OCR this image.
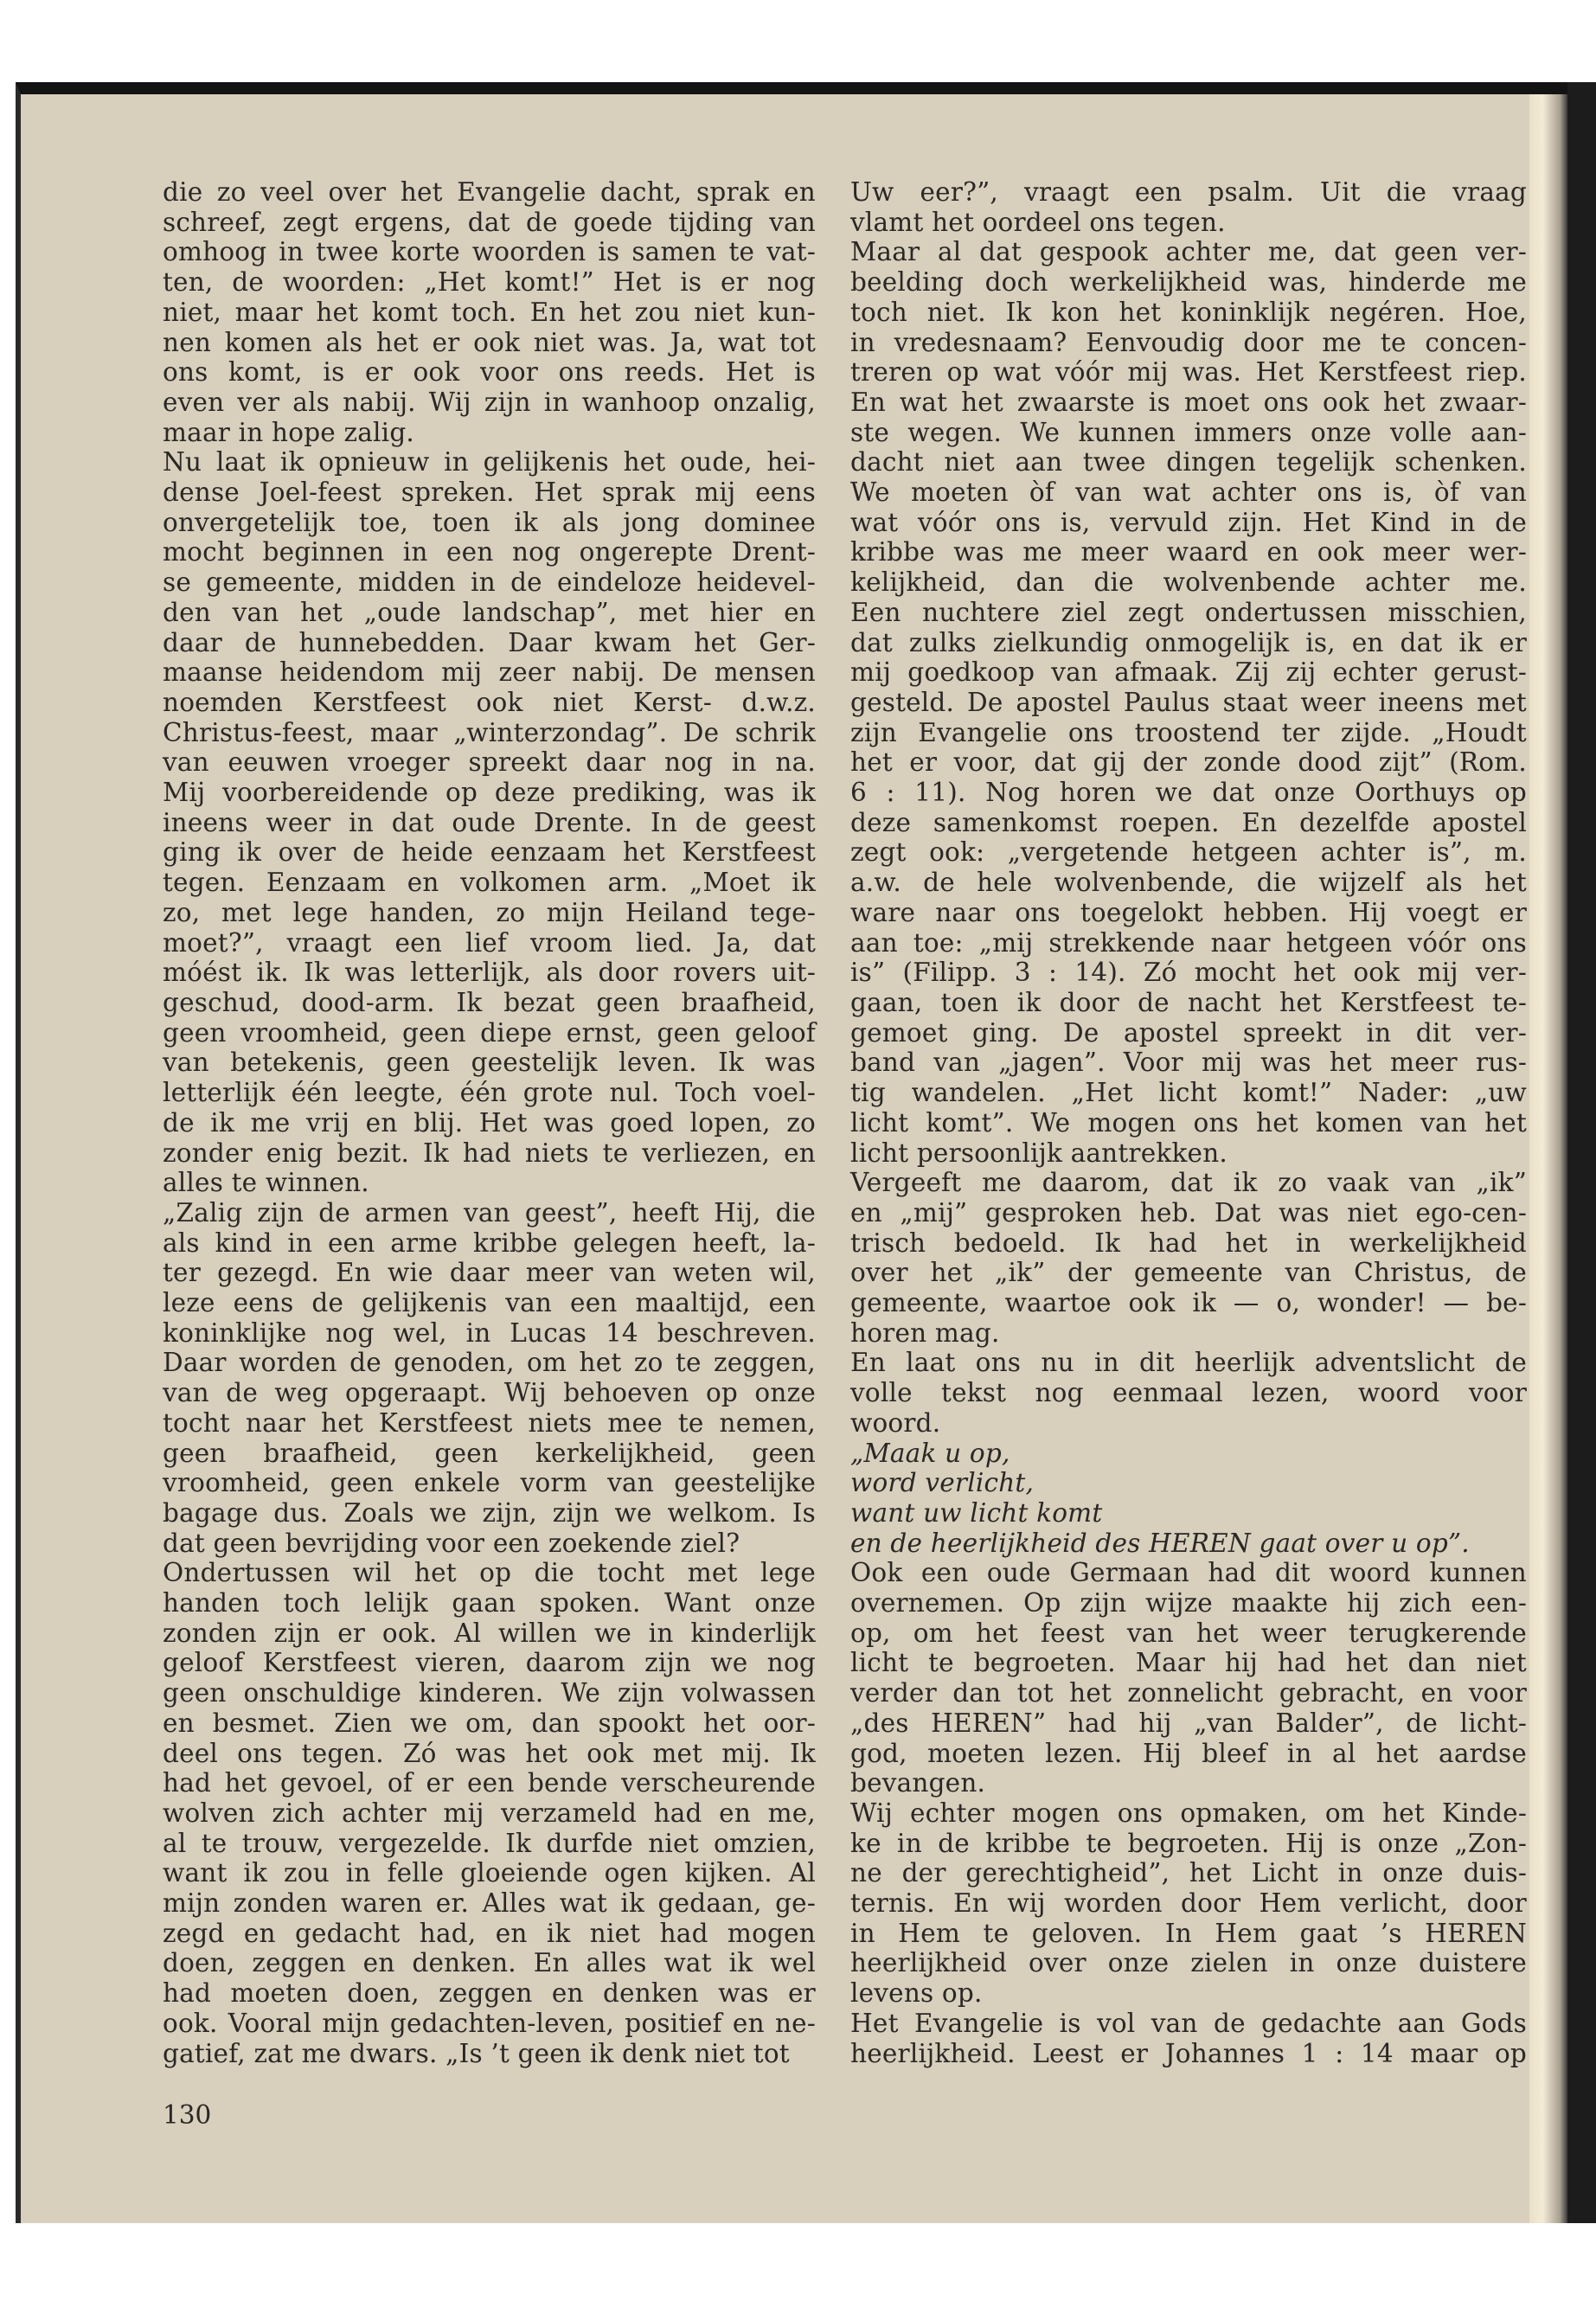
die zo veel over het Evangelie dacht, sprak en
schreef, zegt ergens, dat de goede tijding van
omhoog in twee korte woorden is samen te vat-
ten, de woorden: „Het komt!” Het is er nog
niet, maar het komt toch. En het zou niet kun-
nen komen als het er ook niet was. Ja, wat tot
ons komt, is er ook voor ons reeds. Het is
even ver als nabij. Wij zijn in wanhoop onzalig,
maar in hope zalig.
Nu laat ik opnieuw in gelijkenis het oude, hei-
dense Joel-feest spreken. Het sprak mij eens
onvergetelijk toe, toen ik als jong dominee
mocht beginnen in een nog ongerepte Drent-
se gemeente, midden in de eindeloze heidevel-
den van het „oude landschap”, met hier en
daar de hunnebedden. Daar kwam het Ger-
maanse heidendom mij zeer nabij. De mensen
noemden Kerstfeest ook niet Kerst- d.w.z.
Christus-feest, maar „winterzondag”. De schrik
van eeuwen vroeger spreekt daar nog in na.
Mij voorbereidende op deze prediking, was ik
ineens weer in dat oude Drente. In de geest
ging ik over de heide eenzaam het Kerstfeest
tegen. Eenzaam en volkomen arm. „Moet ik
zo, met lege handen, zo mijn Heiland tege-
moet?”, vraagt een lief vroom lied. Ja, dat
móést ik. Ik was letterlijk, als door rovers uit-
geschud, dood-arm. Ik bezat geen braafheid,
geen vroomheid, geen diepe ernst, geen geloof
van betekenis, geen geestelijk leven. Ik was
letterlijk één leegte, één grote nul. Toch voel-
de ik me vrij en blij. Het was goed lopen, zo
zonder enig bezit. Ik had niets te verliezen, en
alles te winnen.
„Zalig zijn de armen van geest”, heeft Hij, die
als kind in een arme kribbe gelegen heeft, la-
ter gezegd. En wie daar meer van weten wil,
leze eens de gelijkenis van een maaltijd, een
koninklijke nog wel, in Lucas 14 beschreven.
Daar worden de genoden, om het zo te zeggen,
van de weg opgeraapt. Wij behoeven op onze
tocht naar het Kerstfeest niets mee te nemen,
geen braafheid, geen kerkelijkheid, geen
vroomheid, geen enkele vorm van geestelijke
bagage dus. Zoals we zijn, zijn we welkom. Is
dat geen bevrijding voor een zoekende ziel?
Ondertussen wil het op die tocht met lege
handen toch lelijk gaan spoken. Want onze
zonden zijn er ook. Al willen we in kinderlijk
geloof Kerstfeest vieren, daarom zijn we nog
geen onschuldige kinderen. We zijn volwassen
en besmet. Zien we om, dan spookt het oor-
deel ons tegen. Zó was het ook met mij. Ik
had het gevoel, of er een bende verscheurende
wolven zich achter mij verzameld had en me,
al te trouw, vergezelde. Ik durfde niet omzien,
want ik zou in felle gloeiende ogen kijken. Al
mijn zonden waren er. Alles wat ik gedaan, ge-
zegd en gedacht had, en ik niet had mogen
doen, zeggen en denken. En alles wat ik wel
had moeten doen, zeggen en denken was er
ook. Vooral mijn gedachten-leven, positief en ne-
gatief, zat me dwars. „Is ’t geen ik denk niet tot
Uw eer?”, vraagt een psalm. Uit die vraag
vlamt het oordeel ons tegen.
Maar al dat gespook achter me, dat geen ver-
beelding doch werkelijkheid was, hinderde me
toch niet. Ik kon het koninklijk negéren. Hoe,
in vredesnaam? Eenvoudig door me te concen-
treren op wat vóór mij was. Het Kerstfeest riep.
En wat het zwaarste is moet ons ook het zwaar-
ste wegen. We kunnen immers onze volle aan-
dacht niet aan twee dingen tegelijk schenken.
We moeten òf van wat achter ons is, òf van
wat vóór ons is, vervuld zijn. Het Kind in de
kribbe was me meer waard en ook meer wer-
kelijkheid, dan die wolvenbende achter me.
Een nuchtere ziel zegt ondertussen misschien,
dat zulks zielkundig onmogelijk is, en dat ik er
mij goedkoop van afmaak. Zij zij echter gerust-
gesteld. De apostel Paulus staat weer ineens met
zijn Evangelie ons troostend ter zijde. „Houdt
het er voor, dat gij der zonde dood zijt” (Rom.
6 : 11). Nog horen we dat onze Oorthuys op
deze samenkomst roepen. En dezelfde apostel
zegt ook: „vergetende hetgeen achter is”, m.
a.w. de hele wolvenbende, die wijzelf als het
ware naar ons toegelokt hebben. Hij voegt er
aan toe: „mij strekkende naar hetgeen vóór ons
is” (Filipp. 3 : 14). Zó mocht het ook mij ver-
gaan, toen ik door de nacht het Kerstfeest te-
gemoet ging. De apostel spreekt in dit ver-
band van „jagen”. Voor mij was het meer rus-
tig wandelen. „Het licht komt!” Nader: „uw
licht komt”. We mogen ons het komen van het
licht persoonlijk aantrekken.
Vergeeft me daarom, dat ik zo vaak van „ik”
en „mij” gesproken heb. Dat was niet ego-cen-
trisch bedoeld. Ik had het in werkelijkheid
over het „ik” der gemeente van Christus, de
gemeente, waartoe ook ik — o, wonder! — be-
horen mag.
En laat ons nu in dit heerlijk adventslicht de
volle tekst nog eenmaal lezen, woord voor
woord.
„Maak u op,
word verlicht,
want uw licht komt
en de heerlijkheid des HEREN gaat over u op”.
Ook een oude Germaan had dit woord kunnen
overnemen. Op zijn wijze maakte hij zich een-
op, om het feest van het weer terugkerende
licht te begroeten. Maar hij had het dan niet
verder dan tot het zonnelicht gebracht, en voor
„des HEREN” had hij „van Balder”, de licht-
god, moeten lezen. Hij bleef in al het aardse
bevangen.
Wij echter mogen ons opmaken, om het Kinde-
ke in de kribbe te begroeten. Hij is onze „Zon-
ne der gerechtigheid”, het Licht in onze duis-
ternis. En wij worden door Hem verlicht, door
in Hem te geloven. In Hem gaat ’s HEREN
heerlijkheid over onze zielen in onze duistere
levens op.
Het Evangelie is vol van de gedachte aan Gods
heerlijkheid. Leest er Johannes 1 : 14 maar op
130
